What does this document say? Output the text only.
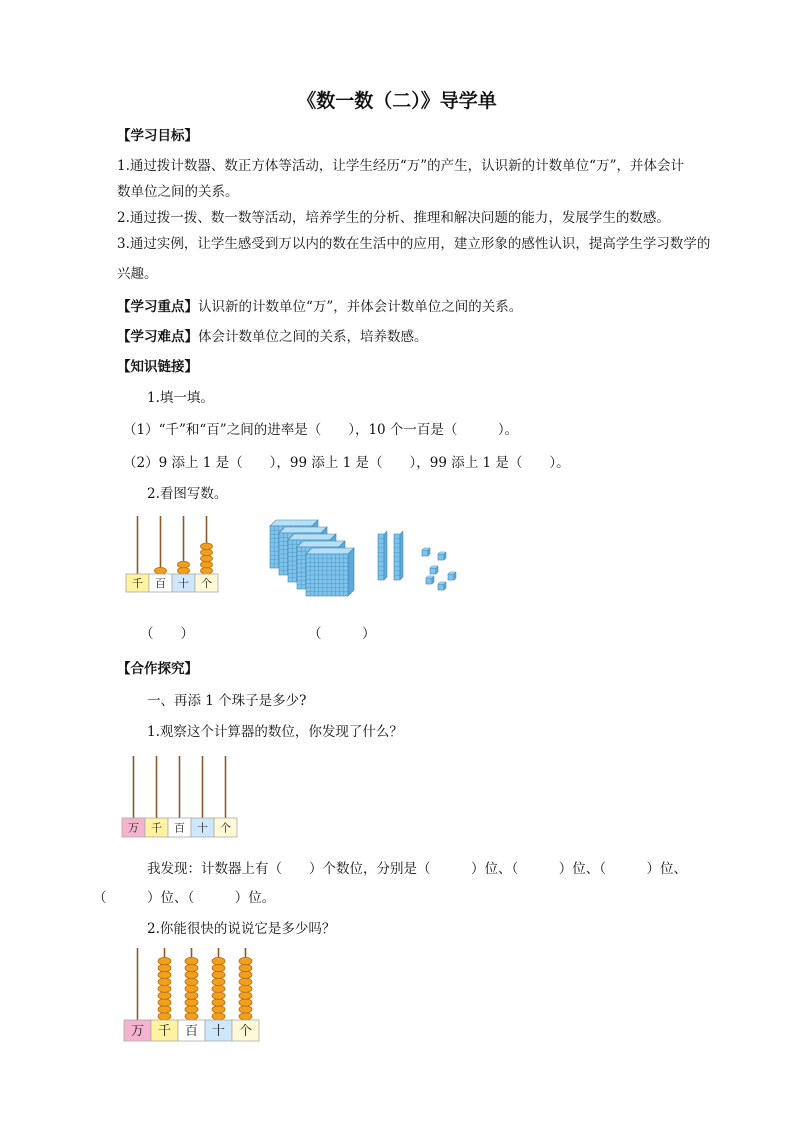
《数一数（二）》导学单
【学习目标】
1.通过拨计数器、数正方体等活动，让学生经历“万”的产生，认识新的计数单位“万”，并体会计
数单位之间的关系。
2.通过拨一拨、数一数等活动，培养学生的分析、推理和解决问题的能力，发展学生的数感。
3.通过实例，让学生感受到万以内的数在生活中的应用，建立形象的感性认识，提高学生学习数学的
兴趣。
【学习重点】认识新的计数单位“万”，并体会计数单位之间的关系。
【学习难点】体会计数单位之间的关系，培养数感。
【知识链接】
1.填一填。
（1）“千”和“百”之间的进率是（　　），10 个一百是（　　　）。
（2）9 添上 1 是（　　），99 添上 1 是（　　），99 添上 1 是（　　）。
2.看图写数。
千 百 十 个
（　　）	（　　　）
【合作探究】
一、再添 1 个珠子是多少?
1.观察这个计算器的数位，你发现了什么？
万 千 百 十 个
我发现：计数器上有（　　）个数位，分别是（　　　）位、（　　　）位、（　　　）位、
（　　　）位、（　　　）位。
2.你能很快的说说它是多少吗？
万 千 百 十 个
